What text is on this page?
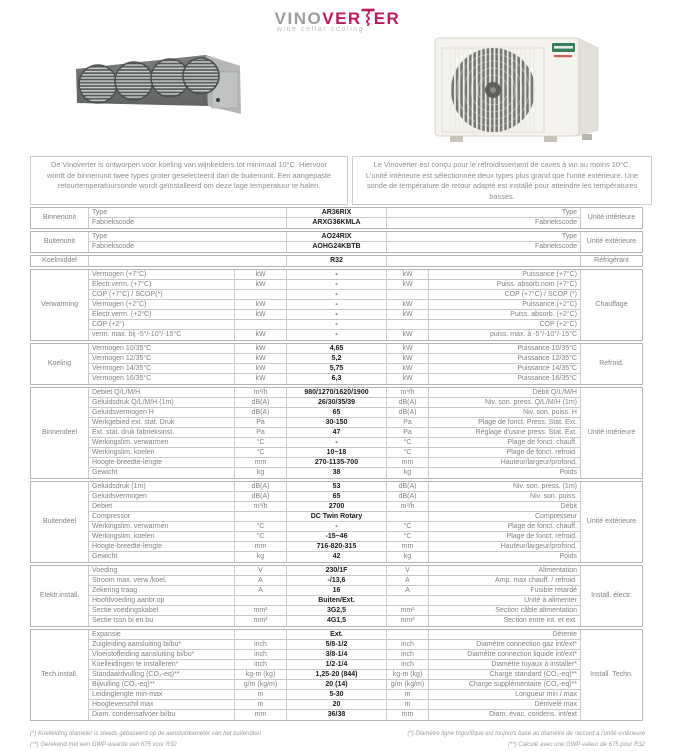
VINOVER ER
wine cellar cooling
De Vinoverter is ontworpen voor koeling van wijnkelders tot minimaal 10°C. Hiervoor wordt de binnenunit twee types groter geselecteerd dan de buitenunit. Een aangepaste retourtemperatuursonde wordt geïnstalleerd om deze lage temperatuur te halen.
Le Vinoverter est conçu pour le refroidissement de caves à vin au moins 10°C. L'unité intérieure est sélectionnée deux types plus grand que l'unité extérieure. Une sonde de température de retour adapté est installé pour atteindre les températures basses.
Binnenunit
Type	AR36RIX	Type
Fabriekscode	ARXG36KMLA	Fabriekscode
Unité intérieure
Buitenunit
Type	AO24RIX	Type
Fabriekscode	AOHG24KBTB	Fabriekscode
Unité extérieure
Koelmiddel	R32	Réfrigérant
Verwarming
Vermogen (+7°C)	kW	-	kW	Puissance (+7°C)
Electr.verm. (+7°C)	kW	-	kW	Puiss. absorb.nom (+7°C)
COP (+7°C) / SCOP(*)	-	COP (+7°C) / SCOP (*)
Vermogen (+2°C)	kW	-	kW	Puissance (+2°C)
Electr.verm. (+2°C)	kW	-	kW	Puiss. absorb. (+2°C)
COP (+2°)	-	COP (+2°C)
verm. max. bij -5°/-10°/-15°C	kW	-	kW	puiss. max. à -5°/-10°/-15°C
Chauffage
Koeling
Vermogen 10/35°C	kW	4,65	kW	Puissance 10/35°C
Vermogen 12/35°C	kW	5,2	kW	Puissance 12/35°C
Vermogen 14/35°C	kW	5,75	kW	Puissance 14/35°C
Vermogen 16/35°C	kW	6,3	kW	Puissance 16/35°C
Refroid.
Binnendeel
Debiet Q/L/M/H	m³/h	980/1270/1620/1900	m³/h	Débit Q/L/M/H
Geluidsdruk Q/L/M/H (1m)	dB(A)	26/30/35/39	dB(A)	Niv. son. press. Q/L/M/H (1m)
Geluidsvermogen H	dB(A)	65	dB(A)	Niv. son. puiss. H
Werkgebied ext. stat. Druk	Pa	30-150	Pa	Plage de fonct. Press. Stat. Ext.
Ext. stat. druk fabrieksinst.	Pa	47	Pa	Réglage d'usine press. Stat. Ext.
Werkingslim. verwarmen	°C	-	°C	Plage de fonct. chauff.
Werkingslim. koelen	°C	10~18	°C	Plage de fonct. refroid.
Hoogte-breedte-lengte	mm	270-1135-700	mm	Hauteur/largeur/profond.
Gewicht	kg	38	kg	Poids
Unité intérieure
Buitendeel
Geluidsdruk (1m)	dB(A)	53	dB(A)	Niv. son. press. (1m)
Geluidsvermogen	dB(A)	65	dB(A)	Niv. son. puiss.
Debiet	m³/h	2700	m³/h	Débit
Compressor	DC Twin Rotary	Compresseur
Werkingslim. verwarmen	°C	-	°C	Plage de fonct. chauff.
Werkingslim. koelen	°C	-15~46	°C	Plage de fonct. refroid.
Hoogte-breedte-lengte	mm	716-820-315	mm	Hauteur/largeur/profond.
Gewicht	kg	42	kg	Poids
Unité extérieure
Elektr.install.
Voeding	V	230/1F	V	Alimentation
Stroom max. verw./koel.	A	-/13,6	A	Amp. max chauff. / refroid.
Zekering traag	A	16	A	Fusible retardé
Hoofdvoeding aanbr.op	Buiten/Ext.	Unité à alimenter
Sectie voedingskabel	mm²	3G2,5	mm²	Section câble alimentation
Sectie tssn bi en bu	mm²	4G1,5	mm²	Section entre int. et ext.
Install. électr.
Tech.install.
Expansie	Ext.	Détente
Zuigleiding aansluiting bi/bu*	inch	5/8-1/2	inch	Diamètre connection gaz int/ext*
Vloeistofleiding aansluiting bi/bu*	inch	3/8-1/4	inch	Diamètre connection liquide int/ext*
Koelleidingen te installeren*	inch	1/2-1/4	inch	Diamètre tuyaux à installer*
Standaardvulling (CO₂-eq)**	kg-m (kg)	1,25-20 (844)	kg-m (kg)	Charge standard (CO₂-eq)**
Bijvulling (CO₂-eq)**	g/m (kg/m)	20 (14)	g/m (kg/m)	Charge supplémentaire (CO₂-eq)**
Leidinglengte min-max	m	5-30	m	Longueur min / max
Hoogteverschil max	m	20	m	Dénivelé max
Diam. condensafvoer bi/bu	mm	36/38	mm	Diam. évac. condens. int/ext
Install. Techn.
(*) Koelleiding diameter is steeds gebaseerd op de aansluitdiameter van het buitendeel	(*) Diamètre ligne frigorifique est toujours basé au diamètre de raccord à l'unité extérieure
(**) Gerekend met een GWP-waarde van 675 voor R32	(**) Calculé avec une GWP-valeur de 675 pour R32
